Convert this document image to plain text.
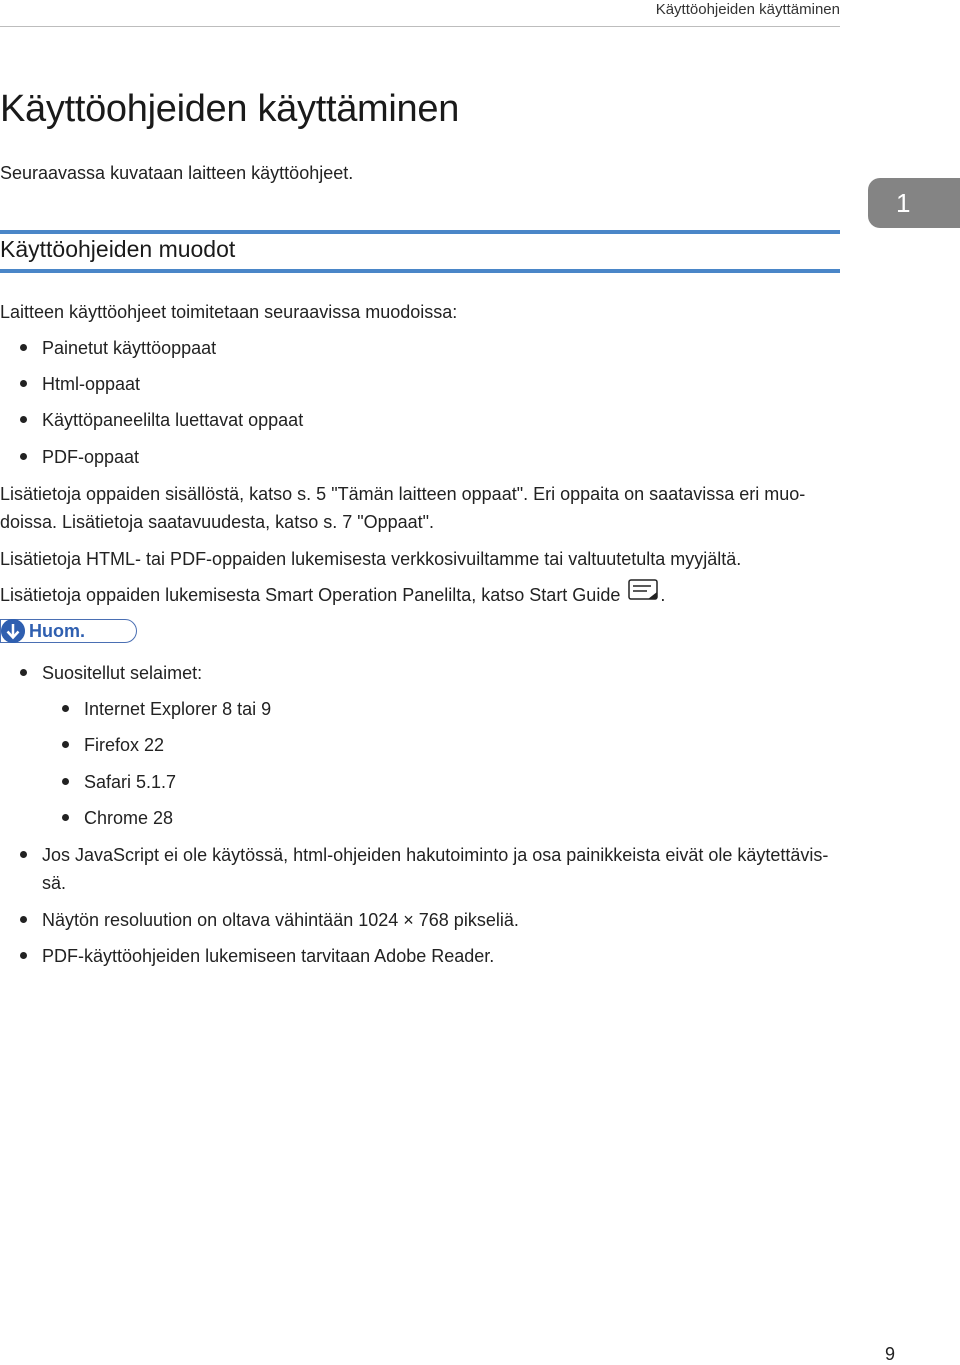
Käyttöohjeiden käyttäminen
Käyttöohjeiden käyttäminen

Seuraavassa kuvataan laitteen käyttöohjeet.

1
Käyttöohjeiden muodot

Laitteen käyttöohjeet toimitetaan seuraavissa muodoissa:

Painetut käyttöoppaat

Html-oppaat

Käyttöpaneelilta luettavat oppaat

PDF-oppaat

Lisätietoja oppaiden sisällöstä, katso s. 5 "Tämän laitteen oppaat". Eri oppaita on saatavissa eri muo-

doissa. Lisätietoja saatavuudesta, katso s. 7 "Oppaat".

Lisätietoja HTML- tai PDF-oppaiden lukemisesta verkkosivuiltamme tai valtuutetulta myyjältä.

Lisätietoja oppaiden lukemisesta Smart Operation Panelilta, katso Start Guide .

Huom.

Suositellut selaimet:

Internet Explorer 8 tai 9

Firefox 22

Safari 5.1.7

Chrome 28

Jos JavaScript ei ole käytössä, html-ohjeiden hakutoiminto ja osa painikkeista eivät ole käytettävis-

sä.

Näytön resoluution on oltava vähintään 1024 × 768 pikseliä.

PDF-käyttöohjeiden lukemiseen tarvitaan Adobe Reader.

9
